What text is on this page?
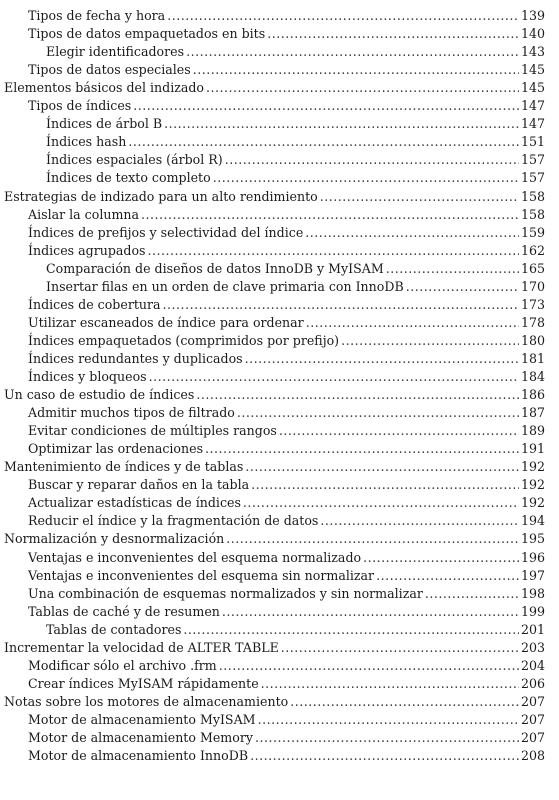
Tipos de fecha y hora .....	139
Tipos de datos empaquetados en bits .....	140
Elegir identificadores .....	143
Tipos de datos especiales .....	145
Elementos básicos del indizado .....	145
Tipos de índices .....	147
Índices de árbol B .....	147
Índices hash .....	151
Índices espaciales (árbol R) .....	157
Índices de texto completo .....	157
Estrategias de indizado para un alto rendimiento .....	158
Aislar la columna .....	158
Índices de prefijos y selectividad del índice .....	159
Índices agrupados .....	162
Comparación de diseños de datos InnoDB y MyISAM .....	165
Insertar filas en un orden de clave primaria con InnoDB .....	170
Índices de cobertura .....	173
Utilizar escaneados de índice para ordenar .....	178
Índices empaquetados (comprimidos por prefijo) .....	180
Índices redundantes y duplicados .....	181
Índices y bloqueos .....	184
Un caso de estudio de índices .....	186
Admitir muchos tipos de filtrado .....	187
Evitar condiciones de múltiples rangos .....	189
Optimizar las ordenaciones .....	191
Mantenimiento de índices y de tablas .....	192
Buscar y reparar daños en la tabla .....	192
Actualizar estadísticas de índices .....	192
Reducir el índice y la fragmentación de datos .....	194
Normalización y desnormalización .....	195
Ventajas e inconvenientes del esquema normalizado .....	196
Ventajas e inconvenientes del esquema sin normalizar .....	197
Una combinación de esquemas normalizados y sin normalizar .....	198
Tablas de caché y de resumen .....	199
Tablas de contadores .....	201
Incrementar la velocidad de ALTER TABLE .....	203
Modificar sólo el archivo .frm .....	204
Crear índices MyISAM rápidamente .....	206
Notas sobre los motores de almacenamiento .....	207
Motor de almacenamiento MyISAM .....	207
Motor de almacenamiento Memory .....	207
Motor de almacenamiento InnoDB .....	208
